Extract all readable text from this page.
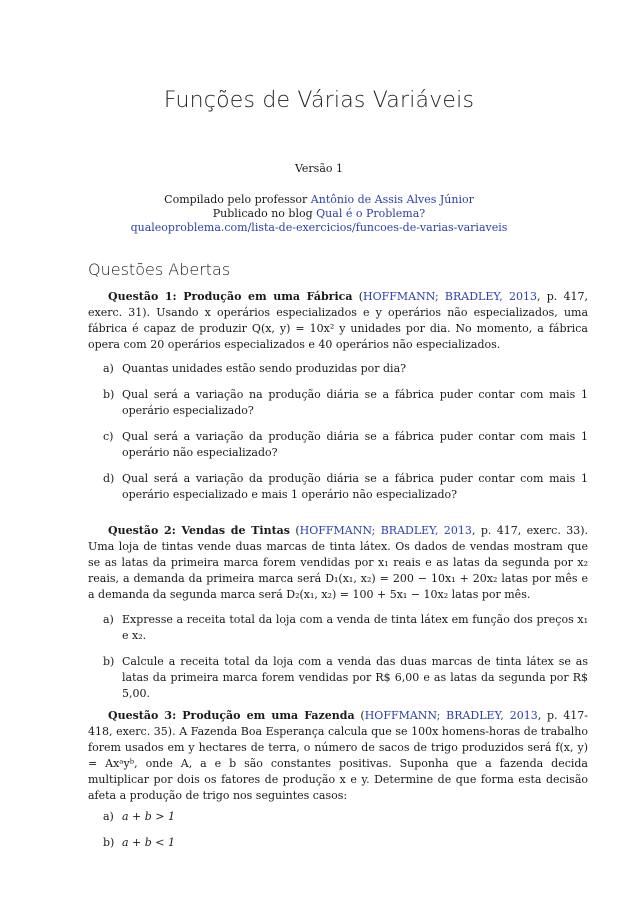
Funções de Várias Variáveis
Versão 1
Compilado pelo professor Antônio de Assis Alves Júnior
Publicado no blog Qual é o Problema?
qualeoproblema.com/lista-de-exercicios/funcoes-de-varias-variaveis
Questões Abertas
Questão 1: Produção em uma Fábrica (HOFFMANN; BRADLEY, 2013, p. 417, exerc. 31). Usando x operários especializados e y operários não especializados, uma fábrica é capaz de produzir Q(x, y) = 10x² y unidades por dia. No momento, a fábrica opera com 20 operários especializados e 40 operários não especializados.
a) Quantas unidades estão sendo produzidas por dia?
b) Qual será a variação na produção diária se a fábrica puder contar com mais 1 operário especializado?
c) Qual será a variação da produção diária se a fábrica puder contar com mais 1 operário não especializado?
d) Qual será a variação da produção diária se a fábrica puder contar com mais 1 operário especializado e mais 1 operário não especializado?
Questão 2: Vendas de Tintas (HOFFMANN; BRADLEY, 2013, p. 417, exerc. 33). Uma loja de tintas vende duas marcas de tinta látex. Os dados de vendas mostram que se as latas da primeira marca forem vendidas por x₁ reais e as latas da segunda por x₂ reais, a demanda da primeira marca será D₁(x₁, x₂) = 200 − 10x₁ + 20x₂ latas por mês e a demanda da segunda marca será D₂(x₁, x₂) = 100 + 5x₁ − 10x₂ latas por mês.
a) Expresse a receita total da loja com a venda de tinta látex em função dos preços x₁ e x₂.
b) Calcule a receita total da loja com a venda das duas marcas de tinta látex se as latas da primeira marca forem vendidas por R$ 6,00 e as latas da segunda por R$ 5,00.
Questão 3: Produção em uma Fazenda (HOFFMANN; BRADLEY, 2013, p. 417-418, exerc. 35). A Fazenda Boa Esperança calcula que se 100x homens-horas de trabalho forem usados em y hectares de terra, o número de sacos de trigo produzidos será f(x, y) = Axᵃyᵇ, onde A, a e b são constantes positivas. Suponha que a fazenda decida multiplicar por dois os fatores de produção x e y. Determine de que forma esta decisão afeta a produção de trigo nos seguintes casos:
a) a + b > 1
b) a + b < 1
